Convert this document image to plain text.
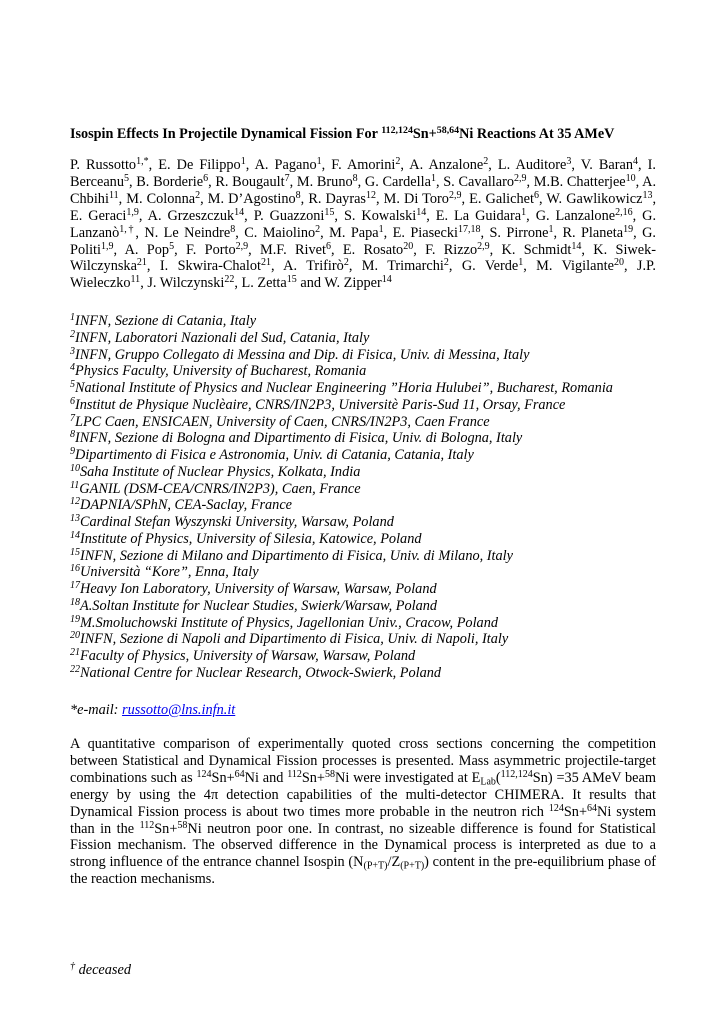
Isospin Effects In Projectile Dynamical Fission For $^{112,124}$Sn+$^{58,64}$Ni Reactions At 35 AMeV
P. Russotto$^{1,*}$, E. De Filippo$^1$, A. Pagano$^1$, F. Amorini$^2$, A. Anzalone$^2$, L. Auditore$^3$, V. Baran$^4$, I. Berceanu$^5$, B. Borderie$^6$, R. Bougault$^7$, M. Bruno$^8$, G. Cardella$^1$, S. Cavallaro$^{2,9}$, M.B. Chatterjee$^{10}$, A. Chbihi$^{11}$, M. Colonna$^2$, M. D’Agostino$^8$, R. Dayras$^{12}$, M. Di Toro$^{2,9}$, E. Galichet$^6$, W. Gawlikowicz$^{13}$, E. Geraci$^{1,9}$, A. Grzeszczuk$^{14}$, P. Guazzoni$^{15}$, S. Kowalski$^{14}$, E. La Guidara$^1$, G. Lanzalone$^{2,16}$, G. Lanzanò$^{1,\dagger}$, N. Le Neindre$^8$, C. Maiolino$^2$, M. Papa$^1$, E. Piasecki$^{17,18}$, S. Pirrone$^1$, R. Planeta$^{19}$, G. Politi$^{1,9}$, A. Pop$^5$, F. Porto$^{2,9}$, M.F. Rivet$^6$, E. Rosato$^{20}$, F. Rizzo$^{2,9}$, K. Schmidt$^{14}$, K. Siwek-Wilczynska$^{21}$, I. Skwira-Chalot$^{21}$, A. Trifirò$^2$, M. Trimarchi$^2$, G. Verde$^1$, M. Vigilante$^{20}$, J.P. Wieleczko$^{11}$, J. Wilczynski$^{22}$, L. Zetta$^{15}$ and W. Zipper$^{14}$
$^1$INFN, Sezione di Catania, Italy
$^2$INFN, Laboratori Nazionali del Sud, Catania, Italy
$^3$INFN, Gruppo Collegato di Messina and Dip. di Fisica, Univ. di Messina, Italy
$^4$Physics Faculty, University of Bucharest, Romania
$^5$National Institute of Physics and Nuclear Engineering ”Horia Hulubei”, Bucharest, Romania
$^6$Institut de Physique Nuclèaire, CNRS/IN2P3, Universitè Paris-Sud 11, Orsay, France
$^7$LPC Caen, ENSICAEN, University of Caen, CNRS/IN2P3, Caen France
$^8$INFN, Sezione di Bologna and Dipartimento di Fisica, Univ. di Bologna, Italy
$^9$Dipartimento di Fisica e Astronomia, Univ. di Catania, Catania, Italy
$^{10}$Saha Institute of Nuclear Physics, Kolkata, India
$^{11}$GANIL (DSM-CEA/CNRS/IN2P3), Caen, France
$^{12}$DAPNIA/SPhN, CEA-Saclay, France
$^{13}$Cardinal Stefan Wyszynski University, Warsaw, Poland
$^{14}$Institute of Physics, University of Silesia, Katowice, Poland
$^{15}$INFN, Sezione di Milano and Dipartimento di Fisica, Univ. di Milano, Italy
$^{16}$Università “Kore”, Enna, Italy
$^{17}$Heavy Ion Laboratory, University of Warsaw, Warsaw, Poland
$^{18}$A.Soltan Institute for Nuclear Studies, Swierk/Warsaw, Poland
$^{19}$M.Smoluchowski Institute of Physics, Jagellonian Univ., Cracow, Poland
$^{20}$INFN, Sezione di Napoli and Dipartimento di Fisica, Univ. di Napoli, Italy
$^{21}$Faculty of Physics, University of Warsaw, Warsaw, Poland
$^{22}$National Centre for Nuclear Research, Otwock-Swierk, Poland
*e-mail: russotto@lns.infn.it
A quantitative comparison of experimentally quoted cross sections concerning the competition between Statistical and Dynamical Fission processes is presented. Mass asymmetric projectile-target combinations such as $^{124}$Sn+$^{64}$Ni and $^{112}$Sn+$^{58}$Ni were investigated at $E_{Lab}(^{112,124}Sn) =35$ AMeV beam energy by using the 4π detection capabilities of the multi-detector CHIMERA. It results that Dynamical Fission process is about two times more probable in the neutron rich $^{124}$Sn+$^{64}$Ni system than in the $^{112}$Sn+$^{58}$Ni neutron poor one. In contrast, no sizeable difference is found for Statistical Fission mechanism. The observed difference in the Dynamical process is interpreted as due to a strong influence of the entrance channel Isospin $(N_{(P+T)}/Z_{(P+T)})$ content in the pre-equilibrium phase of the reaction mechanisms.
† deceased
